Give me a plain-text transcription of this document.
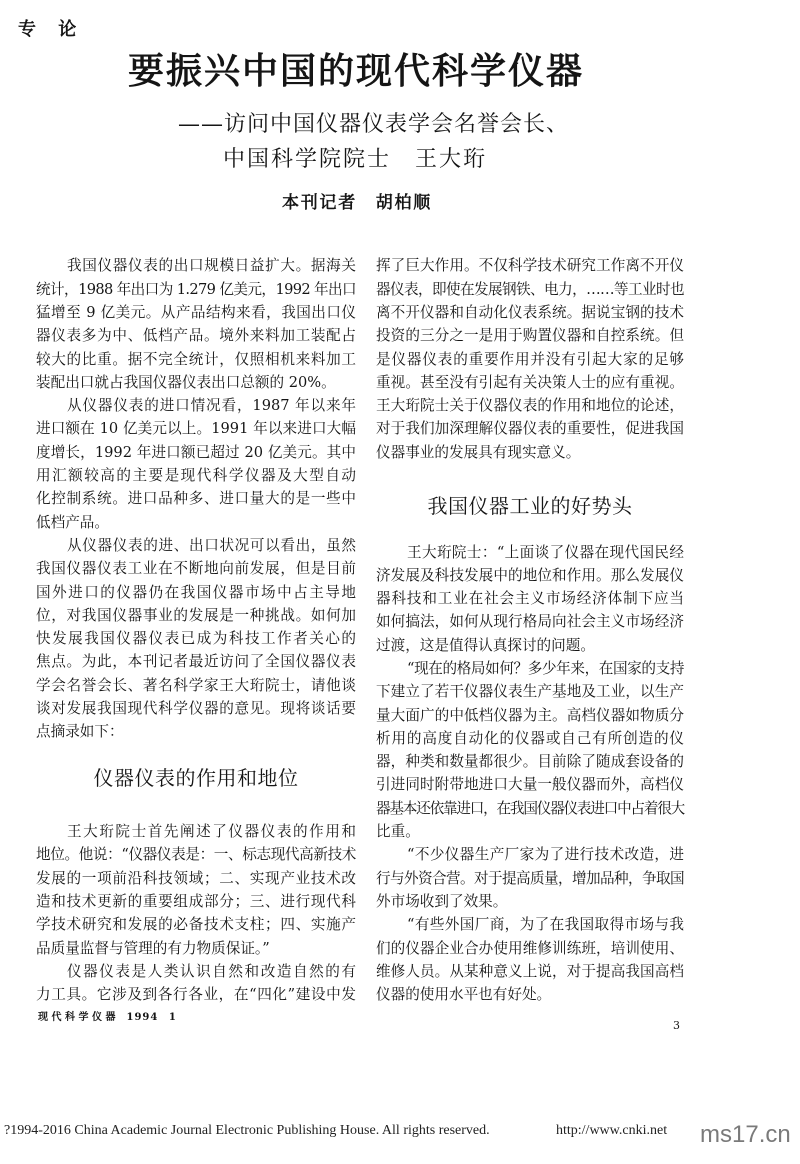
专 论
要振兴中国的现代科学仪器
——访问中国仪器仪表学会名誉会长、
中国科学院院士　王大珩
本刊记者　胡柏顺
我国仪器仪表的出口规模日益扩大。据海关
统计，1988 年出口为 1.279 亿美元，1992 年出口
猛增至 9 亿美元。从产品结构来看，我国出口仪
器仪表多为中、低档产品。境外来料加工装配占
较大的比重。据不完全统计，仅照相机来料加工
装配出口就占我国仪器仪表出口总额的 20%。
从仪器仪表的进口情况看，1987 年以来年
进口额在 10 亿美元以上。1991 年以来进口大幅
度增长，1992 年进口额已超过 20 亿美元。其中
用汇额较高的主要是现代科学仪器及大型自动
化控制系统。进口品种多、进口量大的是一些中
低档产品。
从仪器仪表的进、出口状况可以看出，虽然
我国仪器仪表工业在不断地向前发展，但是目前
国外进口的仪器仍在我国仪器市场中占主导地
位，对我国仪器事业的发展是一种挑战。如何加
快发展我国仪器仪表已成为科技工作者关心的
焦点。为此，本刊记者最近访问了全国仪器仪表
学会名誉会长、著名科学家王大珩院士，请他谈
谈对发展我国现代科学仪器的意见。现将谈话要
点摘录如下：
仪器仪表的作用和地位
王大珩院士首先阐述了仪器仪表的作用和
地位。他说：“仪器仪表是：一、标志现代高新技术
发展的一项前沿科技领域；二、实现产业技术改
造和技术更新的重要组成部分；三、进行现代科
学技术研究和发展的必备技术支柱；四、实施产
品质量监督与管理的有力物质保证。”
仪器仪表是人类认识自然和改造自然的有
力工具。它涉及到各行各业，在“四化”建设中发
挥了巨大作用。不仅科学技术研究工作离不开仪
器仪表，即使在发展钢铁、电力，……等工业时也
离不开仪器和自动化仪表系统。据说宝钢的技术
投资的三分之一是用于购置仪器和自控系统。但
是仪器仪表的重要作用并没有引起大家的足够
重视。甚至没有引起有关决策人士的应有重视。
王大珩院士关于仪器仪表的作用和地位的论述，
对于我们加深理解仪器仪表的重要性，促进我国
仪器事业的发展具有现实意义。
我国仪器工业的好势头
王大珩院士：“上面谈了仪器在现代国民经
济发展及科技发展中的地位和作用。那么发展仪
器科技和工业在社会主义市场经济体制下应当
如何搞法，如何从现行格局向社会主义市场经济
过渡，这是值得认真探讨的问题。
“现在的格局如何？多少年来，在国家的支持
下建立了若干仪器仪表生产基地及工业，以生产
量大面广的中低档仪器为主。高档仪器如物质分
析用的高度自动化的仪器或自己有所创造的仪
器，种类和数量都很少。目前除了随成套设备的
引进同时附带地进口大量一般仪器而外，高档仪
器基本还依靠进口，在我国仪器仪表进口中占着很大
比重。
“不少仪器生产厂家为了进行技术改造，进
行与外资合营。对于提高质量，增加品种，争取国
外市场收到了效果。
“有些外国厂商，为了在我国取得市场与我
们的仪器企业合办使用维修训练班，培训使用、
维修人员。从某种意义上说，对于提高我国高档
仪器的使用水平也有好处。
现代科学仪器 1994 1
3
?1994-2016 China Academic Journal Electronic Publishing House. All rights reserved.	http://www.cnki.net ms17.cn
